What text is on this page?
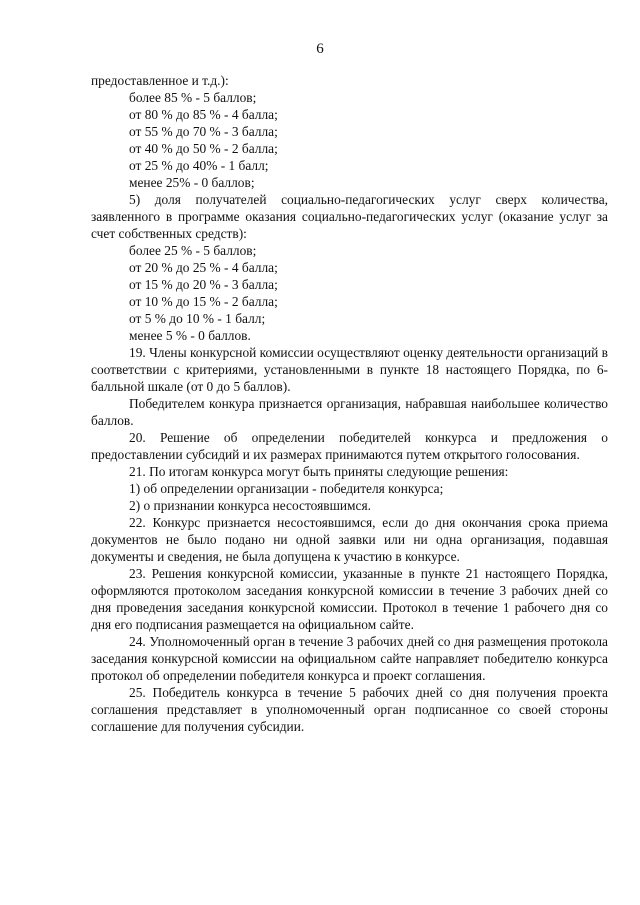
6

предоставленное и т.д.):

более 85 % - 5 баллов;

от 80 % до 85 % - 4 балла;

от 55 % до 70 % - 3 балла;

от 40 % до 50 % - 2 балла;

от 25 % до 40% - 1 балл;

менее 25% - 0 баллов;

5) доля получателей социально-педагогических услуг сверх количества, заявленного в программе оказания социально-педагогических услуг (оказание услуг за счет собственных средств):

более 25 % - 5 баллов;

от 20 % до 25 % - 4 балла;

от 15 % до 20 % - 3 балла;

от 10 % до 15 % - 2 балла;

от 5 % до 10 % - 1 балл;

менее 5 % - 0 баллов.

19. Члены конкурсной комиссии осуществляют оценку деятельности организаций в соответствии с критериями, установленными в пункте 18 настоящего Порядка, по 6-балльной шкале (от 0 до 5 баллов).

Победителем конкура признается организация, набравшая наибольшее количество баллов.

20. Решение об определении победителей конкурса и предложения о предоставлении субсидий и их размерах принимаются путем открытого голосования.

21. По итогам конкурса могут быть приняты следующие решения:

1) об определении организации - победителя конкурса;

2) о признании конкурса несостоявшимся.

22. Конкурс признается несостоявшимся, если до дня окончания срока приема документов не было подано ни одной заявки или ни одна организация, подавшая документы и сведения, не была допущена к участию в конкурсе.

23. Решения конкурсной комиссии, указанные в пункте 21 настоящего Порядка, оформляются протоколом заседания конкурсной комиссии в течение 3 рабочих дней со дня проведения заседания конкурсной комиссии. Протокол в течение 1 рабочего дня со дня его подписания размещается на официальном сайте.

24. Уполномоченный орган в течение 3 рабочих дней со дня размещения протокола заседания конкурсной комиссии на официальном сайте направляет победителю конкурса протокол об определении победителя конкурса и проект соглашения.

25. Победитель конкурса в течение 5 рабочих дней со дня получения проекта соглашения представляет в уполномоченный орган подписанное со своей стороны соглашение для получения субсидии.
